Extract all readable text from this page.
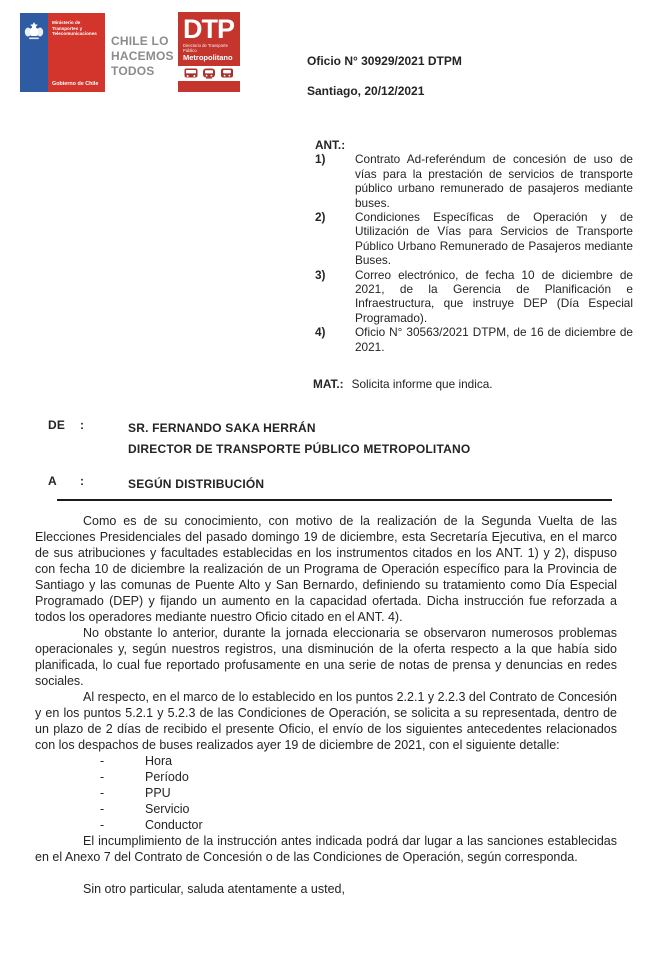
Ministerio de
Transportes y
Telecomunicaciones
Gobierno de Chile
CHILE LO
HACEMOS
TODOS
DTP
Directorio de Transporte Público
Metropolitano	Oficio N° 30929/2021 DTPM
Santiago, 20/12/2021
ANT.:
1)	Contrato Ad-referéndum de concesión de uso de vías para la prestación de servicios de transporte público urbano remunerado de pasajeros mediante buses.
2)	Condiciones Específicas de Operación y de Utilización de Vías para Servicios de Transporte Público Urbano Remunerado de Pasajeros mediante Buses.
3)	Correo electrónico, de fecha 10 de diciembre de 2021, de la Gerencia de Planificación e Infraestructura, que instruye DEP (Día Especial Programado).
4)	Oficio N° 30563/2021 DTPM, de 16 de diciembre de 2021.
MAT.: Solicita informe que indica.
DE	:	SR. FERNANDO SAKA HERRÁN
DIRECTOR DE TRANSPORTE PÚBLICO METROPOLITANO
A	:	SEGÚN DISTRIBUCIÓN

Como es de su conocimiento, con motivo de la realización de la Segunda Vuelta de las Elecciones Presidenciales del pasado domingo 19 de diciembre, esta Secretaría Ejecutiva, en el marco de sus atribuciones y facultades establecidas en los instrumentos citados en los ANT. 1) y 2), dispuso con fecha 10 de diciembre la realización de un Programa de Operación específico para la Provincia de Santiago y las comunas de Puente Alto y San Bernardo, definiendo su tratamiento como Día Especial Programado (DEP) y fijando un aumento en la capacidad ofertada. Dicha instrucción fue reforzada a todos los operadores mediante nuestro Oficio citado en el ANT. 4).

No obstante lo anterior, durante la jornada eleccionaria se observaron numerosos problemas operacionales y, según nuestros registros, una disminución de la oferta respecto a la que había sido planificada, lo cual fue reportado profusamente en una serie de notas de prensa y denuncias en redes sociales.

Al respecto, en el marco de lo establecido en los puntos 2.2.1 y 2.2.3 del Contrato de Concesión y en los puntos 5.2.1 y 5.2.3 de las Condiciones de Operación, se solicita a su representada, dentro de un plazo de 2 días de recibido el presente Oficio, el envío de los siguientes antecedentes relacionados con los despachos de buses realizados ayer 19 de diciembre de 2021, con el siguiente detalle:

-	Hora
-	Período
-	PPU
-	Servicio
-	Conductor

El incumplimiento de la instrucción antes indicada podrá dar lugar a las sanciones establecidas en el Anexo 7 del Contrato de Concesión o de las Condiciones de Operación, según corresponda.

Sin otro particular, saluda atentamente a usted,
